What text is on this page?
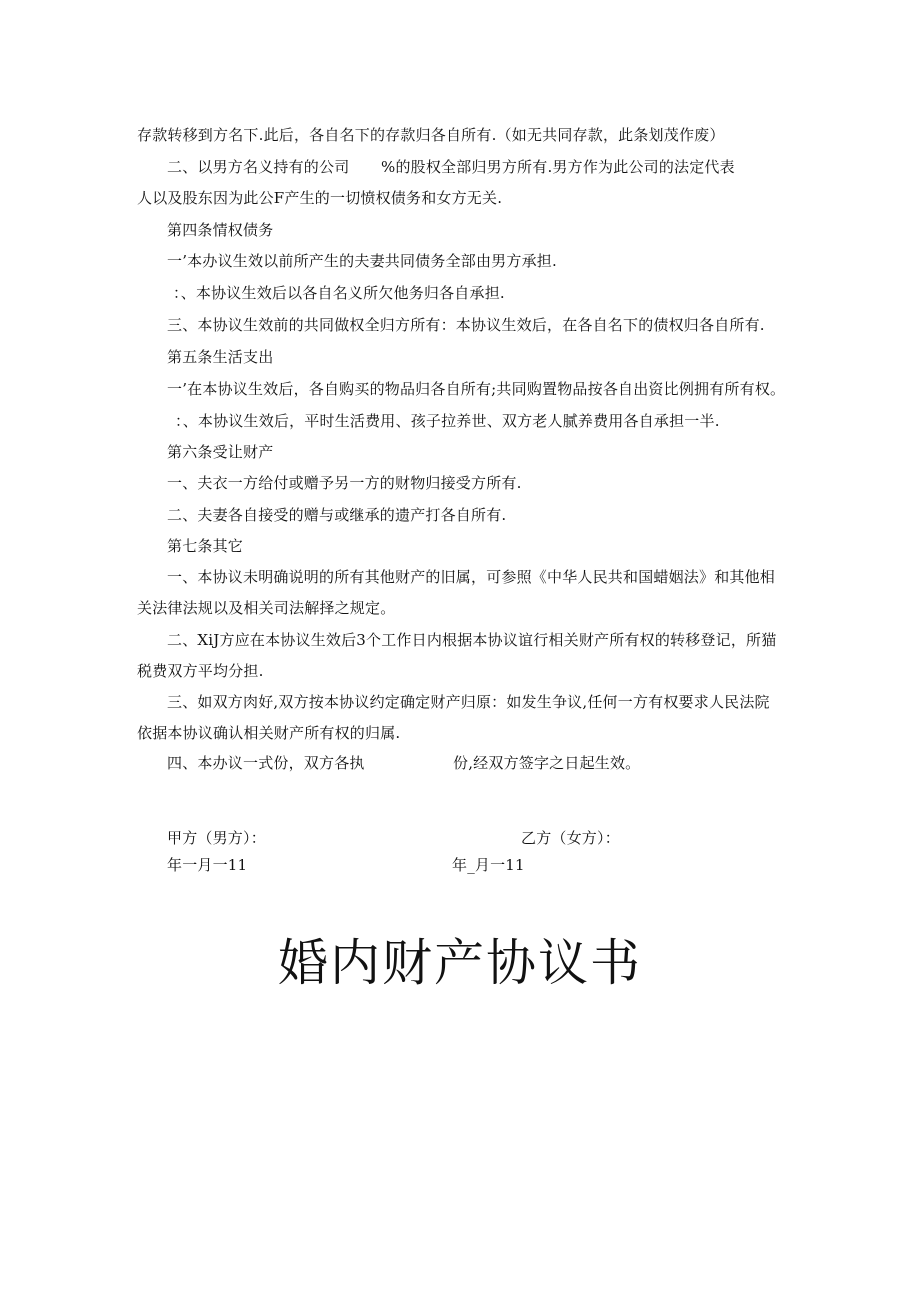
存款转移到方名下.此后，各自名下的存款归各自所有.（如无共同存款，此条划茂作废）
二、以男方名义持有的公司 %的股权全部归男方所有.男方作为此公司的法定代表
人以及股东因为此公F产生的一切愤权债务和女方无关.
第四条情权债务
一’本办议生效以前所产生的夫妻共同债务全部由男方承担.
：、本协议生效后以各自名义所欠他务归各自承担.
三、本协议生效前的共同做权全归方所有：本协议生效后，在各自名下的债权归各自所有.
第五条生活支出
一’在本协议生效后，各自购买的物品归各自所有;共同购置物品按各自出资比例拥有所有权。
：、本协议生效后，平时生活费用、孩子拉养世、双方老人腻养费用各自承担一半.
第六条受让财产
一、夫衣一方给付或赠予另一方的财物归接受方所有.
二、夫妻各自接受的赠与或继承的遗产打各自所有.
第七条其它
一、本协议未明确说明的所有其他财产的旧属，可参照《中华人民共和国蜡姻法》和其他相
关法律法规以及相关司法解择之规定。
二、XiJ方应在本协议生效后3个工作日内根据本协议谊行相关财产所有权的转移登记，所猫
税费双方平均分担.
三、如双方肉好,双方按本协议约定确定财产归原：如发生争议,任何一方有权要求人民法院
依据本协议确认相关财产所有权的归属.
四、本办议一式份，双方各执	份,经双方签字之日起生效。
甲方（男方）：	乙方（女方）：
年一月一11	年_月一11
婚内财产协议书
